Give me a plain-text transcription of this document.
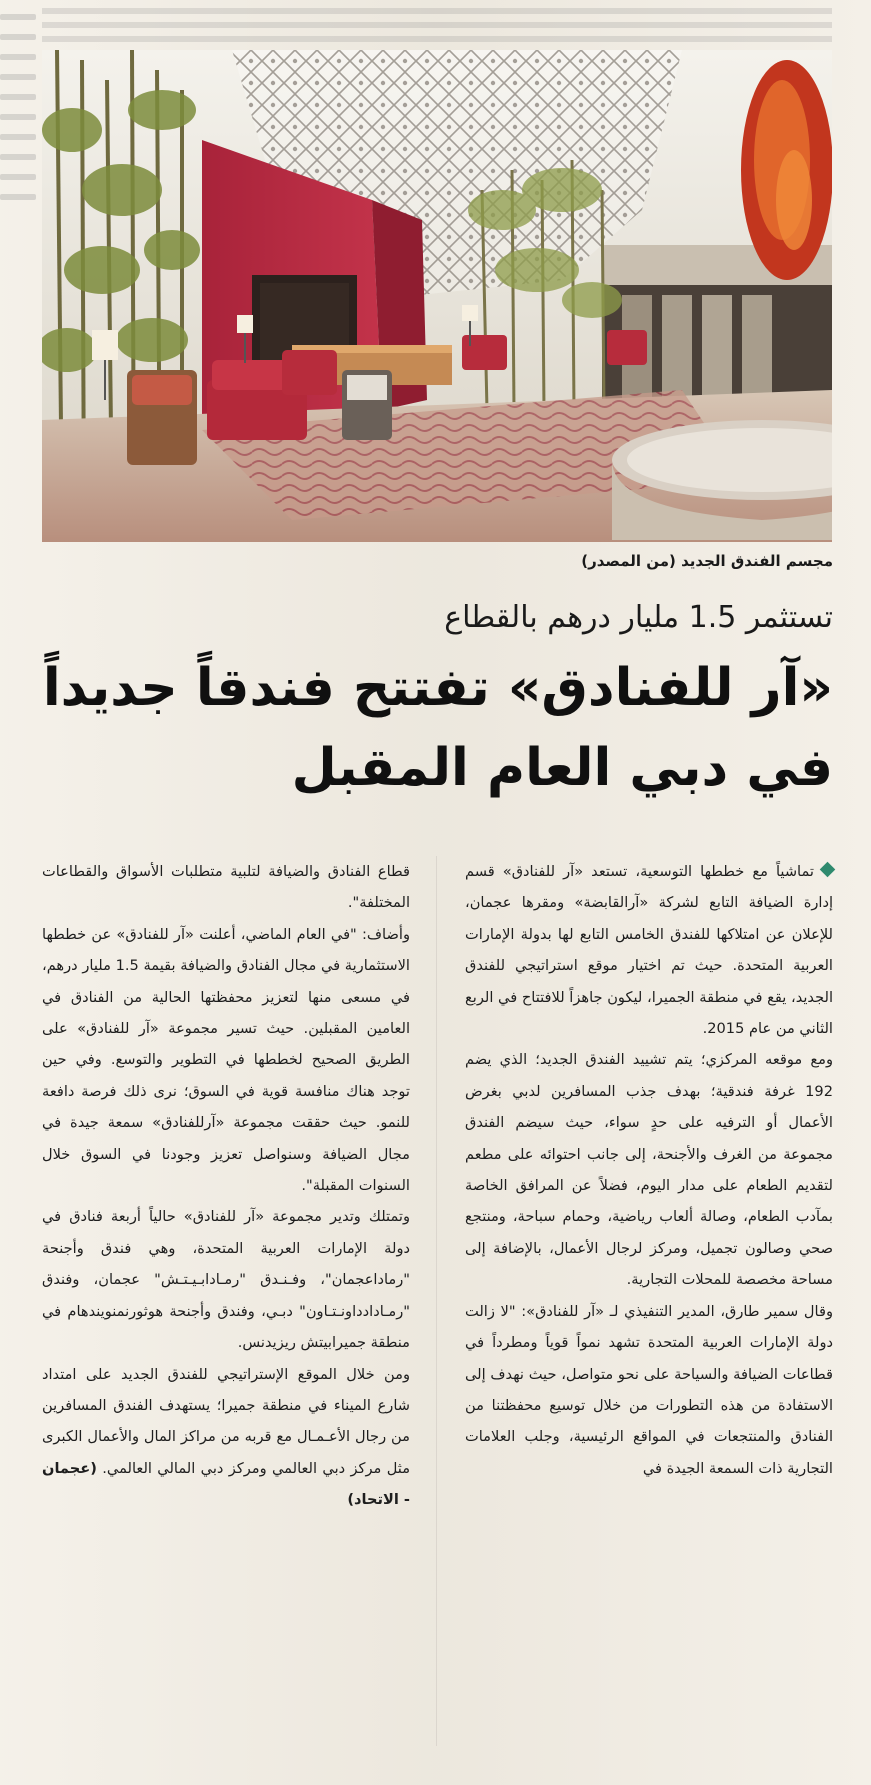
مجسم الفندق الجديد (من المصدر)
تستثمر 1.5 مليار درهم بالقطاع
«آر للفنادق» تفتتح فندقاً جديداً
في دبي العام المقبل

تماشياً مع خططها التوسعية، تستعد «آر للفنادق» قسم إدارة الضيافة التابع لشركة «آرالقابضة» ومقرها عجمان، للإعلان عن امتلاكها للفندق الخامس التابع لها بدولة الإمارات العربية المتحدة. حيث تم اختيار موقع استراتيجي للفندق الجديد، يقع في منطقة الجميرا، ليكون جاهزاً للافتتاح في الربع الثاني من عام 2015.

ومع موقعه المركزي؛ يتم تشييد الفندق الجديد؛ الذي يضم 192 غرفة فندقية؛ بهدف جذب المسافرين لدبي بغرض الأعمال أو الترفيه على حدٍ سواء، حيث سيضم الفندق مجموعة من الغرف والأجنحة، إلى جانب احتوائه على مطعم لتقديم الطعام على مدار اليوم، فضلاً عن المرافق الخاصة بمآدب الطعام، وصالة ألعاب رياضية، وحمام سباحة، ومنتجع صحي وصالون تجميل، ومركز لرجال الأعمال، بالإضافة إلى مساحة مخصصة للمحلات التجارية.

وقال سمير طارق، المدير التنفيذي لـ «آر للفنادق»: "لا زالت دولة الإمارات العربية المتحدة تشهد نمواً قوياً ومطرداً في قطاعات الضيافة والسياحة على نحو متواصل، حيث نهدف إلى الاستفادة من هذه التطورات من خلال توسيع محفظتنا من الفنادق والمنتجعات في المواقع الرئيسية، وجلب العلامات التجارية ذات السمعة الجيدة في

قطاع الفنادق والضيافة لتلبية متطلبات الأسواق والقطاعات المختلفة".

وأضاف: "في العام الماضي، أعلنت «آر للفنادق» عن خططها الاستثمارية في مجال الفنادق والضيافة بقيمة 1.5 مليار درهم، في مسعى منها لتعزيز محفظتها الحالية من الفنادق في العامين المقبلين. حيث تسير مجموعة «آر للفنادق» على الطريق الصحيح لخططها في التطوير والتوسع. وفي حين توجد هناك منافسة قوية في السوق؛ نرى ذلك فرصة دافعة للنمو. حيث حققت مجموعة «آرللفنادق» سمعة جيدة في مجال الضيافة وسنواصل تعزيز وجودنا في السوق خلال السنوات المقبلة".

وتمتلك وتدير مجموعة «آر للفنادق» حالياً أربعة فنادق في دولة الإمارات العربية المتحدة، وهي فندق وأجنحة "رماداعجمان"، وفـنـدق "رمـادابـيـتـش" عجمان، وفندق "رمـادادداونـتـاون" دبـي، وفندق وأجنحة هوثورنمنويندهام في منطقة جميرابيتش ريزيدنس.

ومن خلال الموقع الإستراتيجي للفندق الجديد على امتداد شارع الميناء في منطقة جميرا؛ يستهدف الفندق المسافرين من رجال الأعـمـال مع قربه من مراكز المال والأعمال الكبرى مثل مركز دبي العالمي ومركز دبي المالي العالمي. (عجمان - الاتحاد)
